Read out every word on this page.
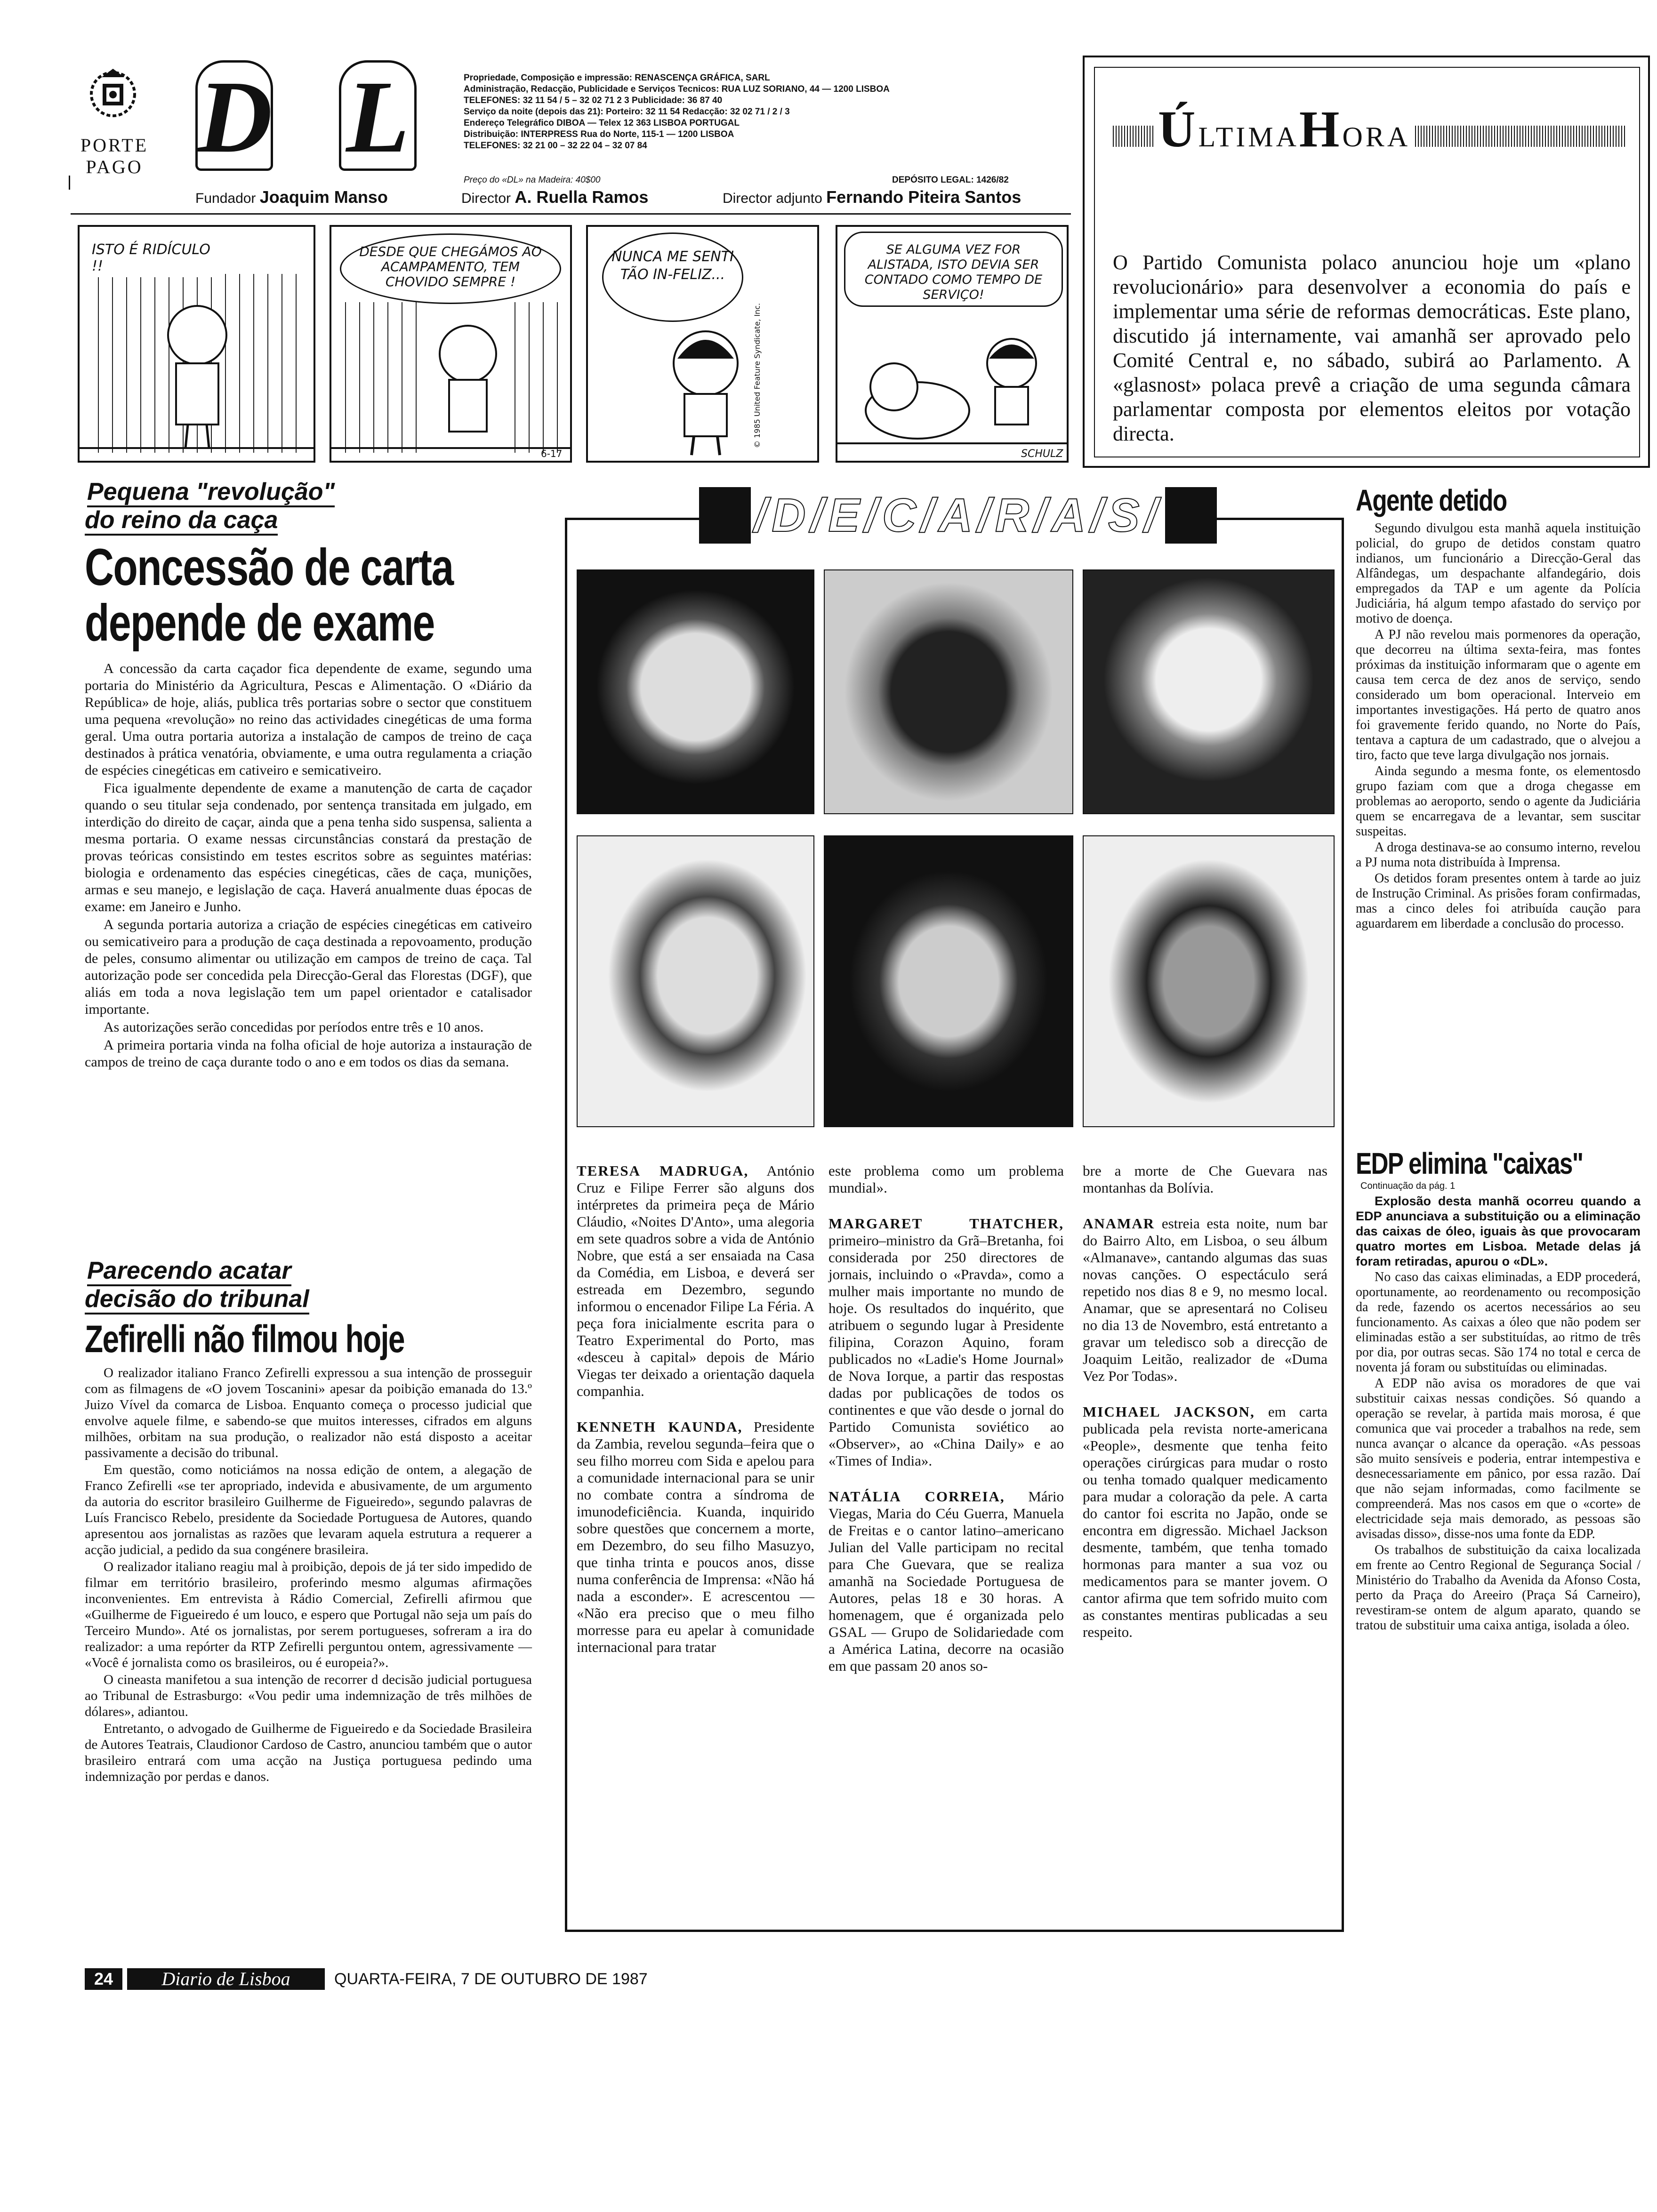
PORTE
PAGO D L	Propriedade, Composição e impressão: RENASCENÇA GRÁFICA, SARL
Administração, Redacção, Publicidade e Serviços Tecnicos: RUA LUZ SORIANO, 44 — 1200 LISBOA
TELEFONES: 32 11 54 / 5 – 32 02 71 2 3 Publicidade: 36 87 40
Serviço da noite (depois das 21): Porteiro: 32 11 54 Redacção: 32 02 71 / 2 / 3
Endereço Telegráfico DIBOA — Telex 12 363 LISBOA PORTUGAL
Distribuição: INTERPRESS Rua do Norte, 115-1 — 1200 LISBOA
TELEFONES: 32 21 00 – 32 22 04 – 32 07 84
Preço do «DL» na Madeira: 40$00	DEPÓSITO LEGAL: 1426/82
Fundador Joaquim Manso	Director A. Ruella Ramos	Director adjunto Fernando Piteira Santos
ISTO É RIDÍCULO !!
DESDE QUE CHEGÁMOS AO ACAMPAMENTO, TEM CHOVIDO SEMPRE !
6-17
NUNCA ME SENTI TÃO IN-FELIZ...
© 1985 United Feature Syndicate, Inc.
SE ALGUMA VEZ FOR ALISTADA, ISTO DEVIA SER CONTADO COMO TEMPO DE SERVIÇO!
SCHULZ
ÚLTIMAHORA
O Partido Comunista polaco anunciou hoje um «plano revolucionário» para desenvolver a economia do país e implementar uma série de reformas democráticas. Este plano, discutido já internamente, vai amanhã ser aprovado pelo Comité Central e, no sábado, subirá ao Parlamento. A «glasnost» polaca prevê a criação de uma segunda câmara parlamentar composta por elementos eleitos por votação directa.
Pequena "revolução"
do reino da caça
Concessão de carta
depende de exame

A concessão da carta caçador fica dependente de exame, segundo uma portaria do Ministério da Agricultura, Pescas e Alimentação. O «Diário da República» de hoje, aliás, publica três portarias sobre o sector que constituem uma pequena «revolução» no reino das actividades cinegéticas de uma forma geral. Uma outra portaria autoriza a instalação de campos de treino de caça destinados à prática venatória, obviamente, e uma outra regulamenta a criação de espécies cinegéticas em cativeiro e semicativeiro.

Fica igualmente dependente de exame a manutenção de carta de caçador quando o seu titular seja condenado, por sentença transitada em julgado, em interdição do direito de caçar, ainda que a pena tenha sido suspensa, salienta a mesma portaria. O exame nessas circunstâncias constará da prestação de provas teóricas consistindo em testes escritos sobre as seguintes matérias: biologia e ordenamento das espécies cinegéticas, cães de caça, munições, armas e seu manejo, e legislação de caça. Haverá anualmente duas épocas de exame: em Janeiro e Junho.

A segunda portaria autoriza a criação de espécies cinegéticas em cativeiro ou semicativeiro para a produção de caça destinada a repovoamento, produção de peles, consumo alimentar ou utilização em campos de treino de caça. Tal autorização pode ser concedida pela Direcção-Geral das Florestas (DGF), que aliás em toda a nova legislação tem um papel orientador e catalisador importante.

As autorizações serão concedidas por períodos entre três e 10 anos.

A primeira portaria vinda na folha oficial de hoje autoriza a instauração de campos de treino de caça durante todo o ano e em todos os dias da semana.

Parecendo acatar
decisão do tribunal
Zefirelli não filmou hoje

O realizador italiano Franco Zefirelli expressou a sua intenção de prosseguir com as filmagens de «O jovem Toscanini» apesar da poibição emanada do 13.º Juizo Vível da comarca de Lisboa. Enquanto começa o processo judicial que envolve aquele filme, e sabendo-se que muitos interesses, cifrados em alguns milhões, orbitam na sua produção, o realizador não está disposto a aceitar passivamente a decisão do tribunal.

Em questão, como noticiámos na nossa edição de ontem, a alegação de Franco Zefirelli «se ter apropriado, indevida e abusivamente, de um argumento da autoria do escritor brasileiro Guilherme de Figueiredo», segundo palavras de Luís Francisco Rebelo, presidente da Sociedade Portuguesa de Autores, quando apresentou aos jornalistas as razões que levaram aquela estrutura a requerer a acção judicial, a pedido da sua congénere brasileira.

O realizador italiano reagiu mal à proibição, depois de já ter sido impedido de filmar em território brasileiro, proferindo mesmo algumas afirmações inconvenientes. Em entrevista à Rádio Comercial, Zefirelli afirmou que «Guilherme de Figueiredo é um louco, e espero que Portugal não seja um país do Terceiro Mundo». Até os jornalistas, por serem portugueses, sofreram a ira do realizador: a uma repórter da RTP Zefirelli perguntou ontem, agressivamente — «Você é jornalista como os brasileiros, ou é europeia?».

O cineasta manifetou a sua intenção de recorrer d decisão judicial portuguesa ao Tribunal de Estrasburgo: «Vou pedir uma indemnização de três milhões de dólares», adiantou.

Entretanto, o advogado de Guilherme de Figueiredo e da Sociedade Brasileira de Autores Teatrais, Claudionor Cardoso de Castro, anunciou também que o autor brasileiro entrará com uma acção na Justiça portuguesa pedindo uma indemnização por perdas e danos.

/D/E/C/A/R/A/S/

TERESA MADRUGA, António Cruz e Filipe Ferrer são alguns dos intérpretes da primeira peça de Mário Cláudio, «Noites D'Anto», uma alegoria em sete quadros sobre a vida de António Nobre, que está a ser ensaiada na Casa da Comédia, em Lisboa, e deverá ser estreada em Dezembro, segundo informou o encenador Filipe La Féria. A peça fora inicialmente escrita para o Teatro Experimental do Porto, mas «desceu à capital» depois de Mário Viegas ter deixado a orientação daquela companhia.

KENNETH KAUNDA, Presidente da Zambia, revelou segunda–feira que o seu filho morreu com Sida e apelou para a comunidade internacional para se unir no combate contra a síndroma de imunodeficiência. Kuanda, inquirido sobre questões que concernem a morte, em Dezembro, do seu filho Masuzyo, que tinha trinta e poucos anos, disse numa conferência de Imprensa: «Não há nada a esconder». E acrescentou — «Não era preciso que o meu filho morresse para eu apelar à comunidade internacional para tratar

este problema como um problema mundial».

MARGARET THATCHER, primeiro–ministro da Grã–Bretanha, foi considerada por 250 directores de jornais, incluindo o «Pravda», como a mulher mais importante no mundo de hoje. Os resultados do inquérito, que atribuem o segundo lugar à Presidente filipina, Corazon Aquino, foram publicados no «Ladie's Home Journal» de Nova Iorque, a partir das respostas dadas por publicações de todos os continentes e que vão desde o jornal do Partido Comunista soviético ao «Observer», ao «China Daily» e ao «Times of India».

NATÁLIA CORREIA, Mário Viegas, Maria do Céu Guerra, Manuela de Freitas e o cantor latino–americano Julian del Valle participam no recital para Che Guevara, que se realiza amanhã na Sociedade Portuguesa de Autores, pelas 18 e 30 horas. A homenagem, que é organizada pelo GSAL — Grupo de Solidariedade com a América Latina, decorre na ocasião em que passam 20 anos so-

bre a morte de Che Guevara nas montanhas da Bolívia.

ANAMAR estreia esta noite, num bar do Bairro Alto, em Lisboa, o seu álbum «Almanave», cantando algumas das suas novas canções. O espectáculo será repetido nos dias 8 e 9, no mesmo local. Anamar, que se apresentará no Coliseu no dia 13 de Novembro, está entretanto a gravar um teledisco sob a direcção de Joaquim Leitão, realizador de «Duma Vez Por Todas».

MICHAEL JACKSON, em carta publicada pela revista norte-americana «People», desmente que tenha feito operações cirúrgicas para mudar o rosto ou tenha tomado qualquer medicamento para mudar a coloração da pele. A carta do cantor foi escrita no Japão, onde se encontra em digressão. Michael Jackson desmente, também, que tenha tomado hormonas para manter a sua voz ou medicamentos para se manter jovem. O cantor afirma que tem sofrido muito com as constantes mentiras publicadas a seu respeito.

Agente detido

Segundo divulgou esta manhã aquela instituição policial, do grupo de detidos constam quatro indianos, um funcionário a Direcção-Geral das Alfândegas, um despachante alfandegário, dois empregados da TAP e um agente da Polícia Judiciária, há algum tempo afastado do serviço por motivo de doença.

A PJ não revelou mais pormenores da operação, que decorreu na última sexta-feira, mas fontes próximas da instituição informaram que o agente em causa tem cerca de dez anos de serviço, sendo considerado um bom operacional. Interveio em importantes investigações. Há perto de quatro anos foi gravemente ferido quando, no Norte do País, tentava a captura de um cadastrado, que o alvejou a tiro, facto que teve larga divulgação nos jornais.

Ainda segundo a mesma fonte, os elementosdo grupo faziam com que a droga chegasse em problemas ao aeroporto, sendo o agente da Judiciária quem se encarregava de a levantar, sem suscitar suspeitas.

A droga destinava-se ao consumo interno, revelou a PJ numa nota distribuída à Imprensa.

Os detidos foram presentes ontem à tarde ao juiz de Instrução Criminal. As prisões foram confirmadas, mas a cinco deles foi atribuída caução para aguardarem em liberdade a conclusão do processo.

EDP elimina "caixas"
Continuação da pág. 1

Explosão desta manhã ocorreu quando a EDP anunciava a substituição ou a eliminação das caixas de óleo, iguais às que provocaram quatro mortes em Lisboa. Metade delas já foram retiradas, apurou o «DL».

No caso das caixas eliminadas, a EDP procederá, oportunamente, ao reordenamento ou recomposição da rede, fazendo os acertos necessários ao seu funcionamento. As caixas a óleo que não podem ser eliminadas estão a ser substituídas, ao ritmo de três por dia, por outras secas. São 174 no total e cerca de noventa já foram ou substituídas ou eliminadas.

A EDP não avisa os moradores de que vai substituir caixas nessas condições. Só quando a operação se revelar, à partida mais morosa, é que comunica que vai proceder a trabalhos na rede, sem nunca avançar o alcance da operação. «As pessoas são muito sensíveis e poderia, entrar intempestiva e desnecessariamente em pânico, por essa razão. Daí que não sejam informadas, como facilmente se compreenderá. Mas nos casos em que o «corte» de electricidade seja mais demorado, as pessoas são avisadas disso», disse-nos uma fonte da EDP.

Os trabalhos de substituição da caixa localizada em frente ao Centro Regional de Segurança Social / Ministério do Trabalho da Avenida da Afonso Costa, perto da Praça do Areeiro (Praça Sá Carneiro), revestiram-se ontem de algum aparato, quando se tratou de substituir uma caixa antiga, isolada a óleo.

24	Diario de Lisboa	QUARTA-FEIRA, 7 DE OUTUBRO DE 1987
